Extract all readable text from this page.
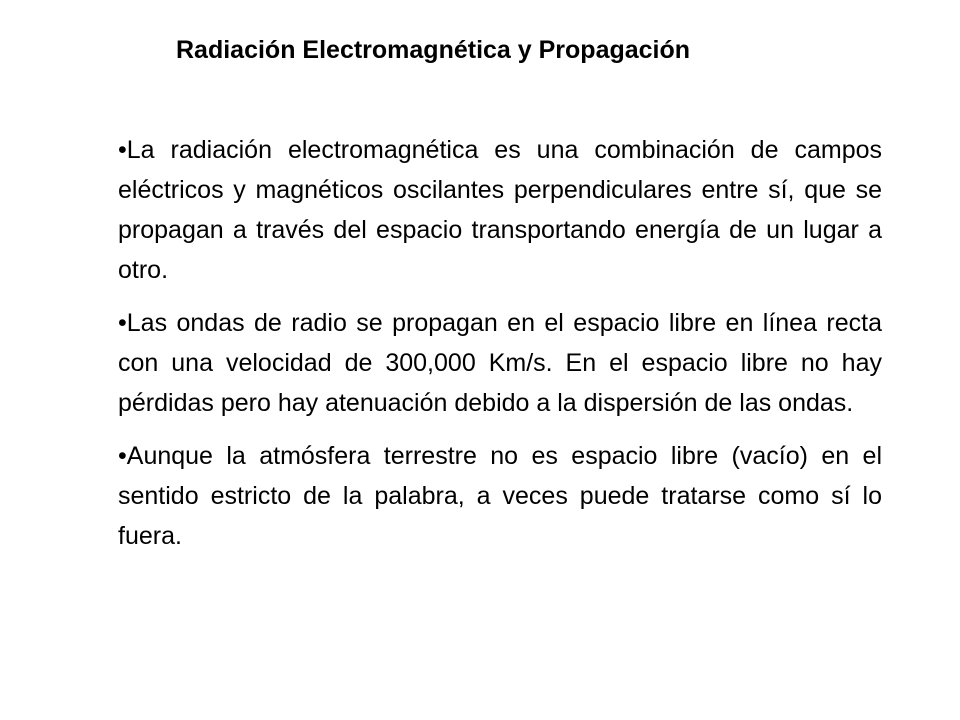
Radiación Electromagnética y Propagación
•La radiación electromagnética es una combinación de campos eléctricos y magnéticos oscilantes perpendiculares entre sí, que se propagan a través del espacio transportando energía de un lugar a otro.
•Las ondas de radio se propagan en el espacio libre en línea recta con una velocidad de 300,000 Km/s. En el espacio libre no hay pérdidas pero hay atenuación debido a la dispersión de las ondas.
•Aunque la atmósfera terrestre no es espacio libre (vacío) en el sentido estricto de la palabra, a veces puede tratarse como sí lo fuera.
